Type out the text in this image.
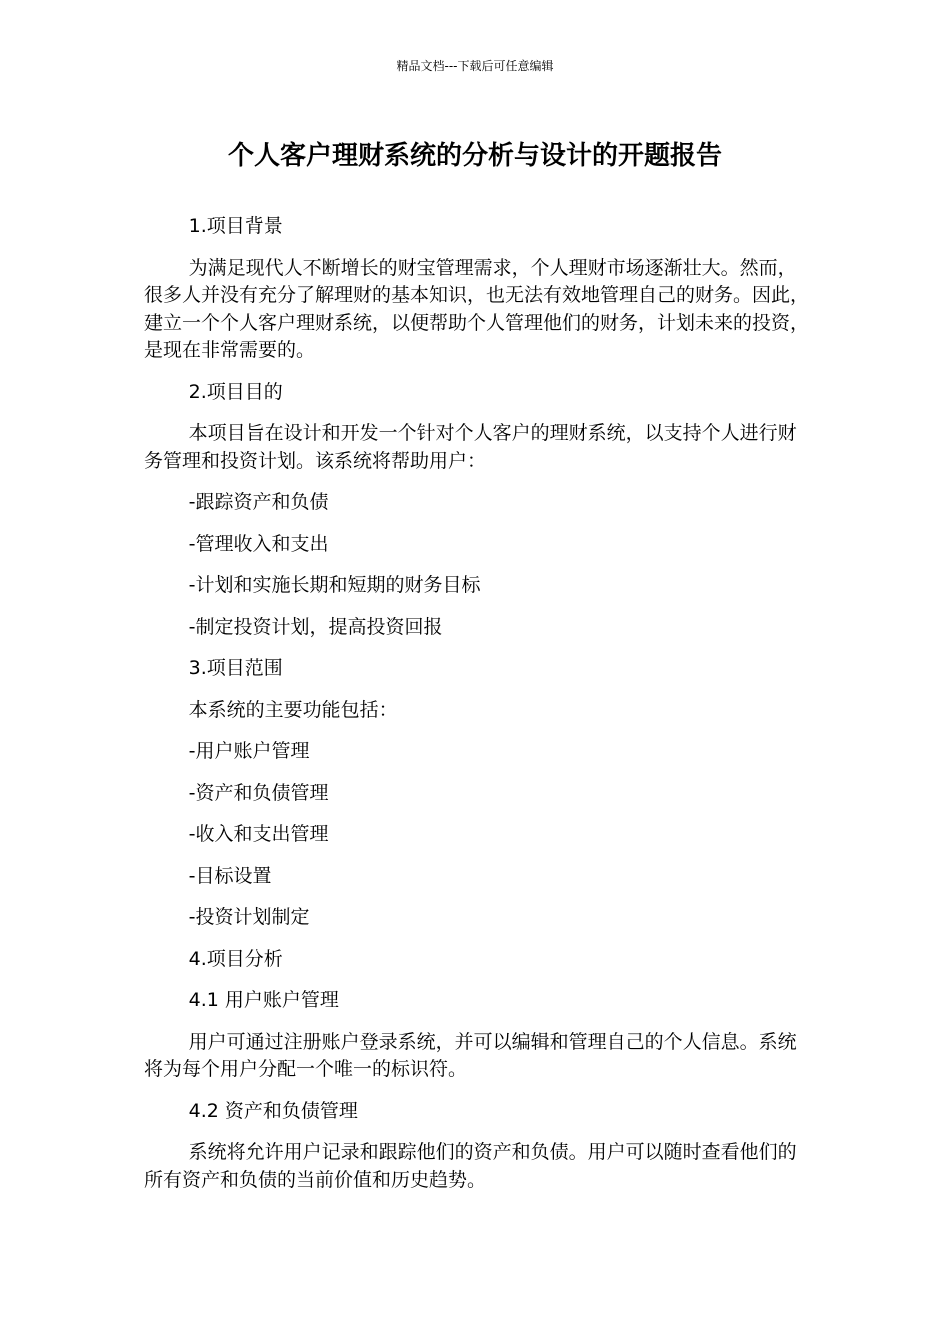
精品文档---下载后可任意编辑
个人客户理财系统的分析与设计的开题报告

1.项目背景

为满足现代人不断增长的财宝管理需求，个人理财市场逐渐壮大。然而，很多人并没有充分了解理财的基本知识，也无法有效地管理自己的财务。因此，建立一个个人客户理财系统，以便帮助个人管理他们的财务，计划未来的投资，是现在非常需要的。

2.项目目的

本项目旨在设计和开发一个针对个人客户的理财系统，以支持个人进行财务管理和投资计划。该系统将帮助用户：

-跟踪资产和负债

-管理收入和支出

-计划和实施长期和短期的财务目标

-制定投资计划，提高投资回报

3.项目范围

本系统的主要功能包括：

-用户账户管理

-资产和负债管理

-收入和支出管理

-目标设置

-投资计划制定

4.项目分析

4.1 用户账户管理

用户可通过注册账户登录系统，并可以编辑和管理自己的个人信息。系统将为每个用户分配一个唯一的标识符。

4.2 资产和负债管理

系统将允许用户记录和跟踪他们的资产和负债。用户可以随时查看他们的所有资产和负债的当前价值和历史趋势。
